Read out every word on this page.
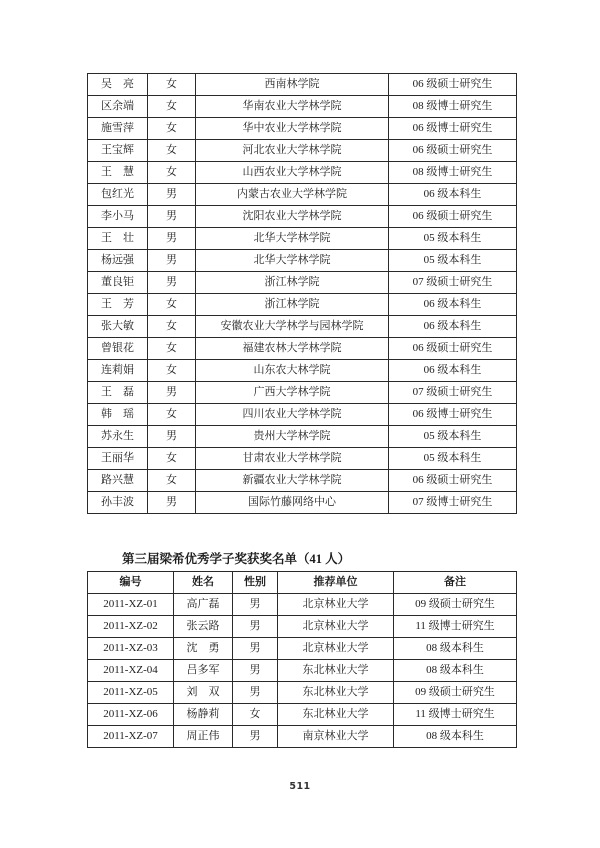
吴　亮	女	西南林学院	06 级硕士研究生
区余端	女	华南农业大学林学院	08 级博士研究生
施雪萍	女	华中农业大学林学院	06 级博士研究生
王宝辉	女	河北农业大学林学院	06 级硕士研究生
王　慧	女	山西农业大学林学院	08 级博士研究生
包红光	男	内蒙古农业大学林学院	06 级本科生
李小马	男	沈阳农业大学林学院	06 级硕士研究生
王　壮	男	北华大学林学院	05 级本科生
杨远强	男	北华大学林学院	05 级本科生
董良钜	男	浙江林学院	07 级硕士研究生
王　芳	女	浙江林学院	06 级本科生
张大敏	女	安徽农业大学林学与园林学院	06 级本科生
曾银花	女	福建农林大学林学院	06 级硕士研究生
连莉娟	女	山东农大林学院	06 级本科生
王　磊	男	广西大学林学院	07 级硕士研究生
韩　瑶	女	四川农业大学林学院	06 级博士研究生
苏永生	男	贵州大学林学院	05 级本科生
王丽华	女	甘肃农业大学林学院	05 级本科生
路兴慧	女	新疆农业大学林学院	06 级硕士研究生
孙丰波	男	国际竹藤网络中心	07 级博士研究生
第三届梁希优秀学子奖获奖名单（41 人）
编号	姓名	性别	推荐单位	备注
2011-XZ-01	高广磊	男	北京林业大学	09 级硕士研究生
2011-XZ-02	张云路	男	北京林业大学	11 级博士研究生
2011-XZ-03	沈　勇	男	北京林业大学	08 级本科生
2011-XZ-04	吕多军	男	东北林业大学	08 级本科生
2011-XZ-05	刘　双	男	东北林业大学	09 级硕士研究生
2011-XZ-06	杨静莉	女	东北林业大学	11 级博士研究生
2011-XZ-07	周正伟	男	南京林业大学	08 级本科生
511
